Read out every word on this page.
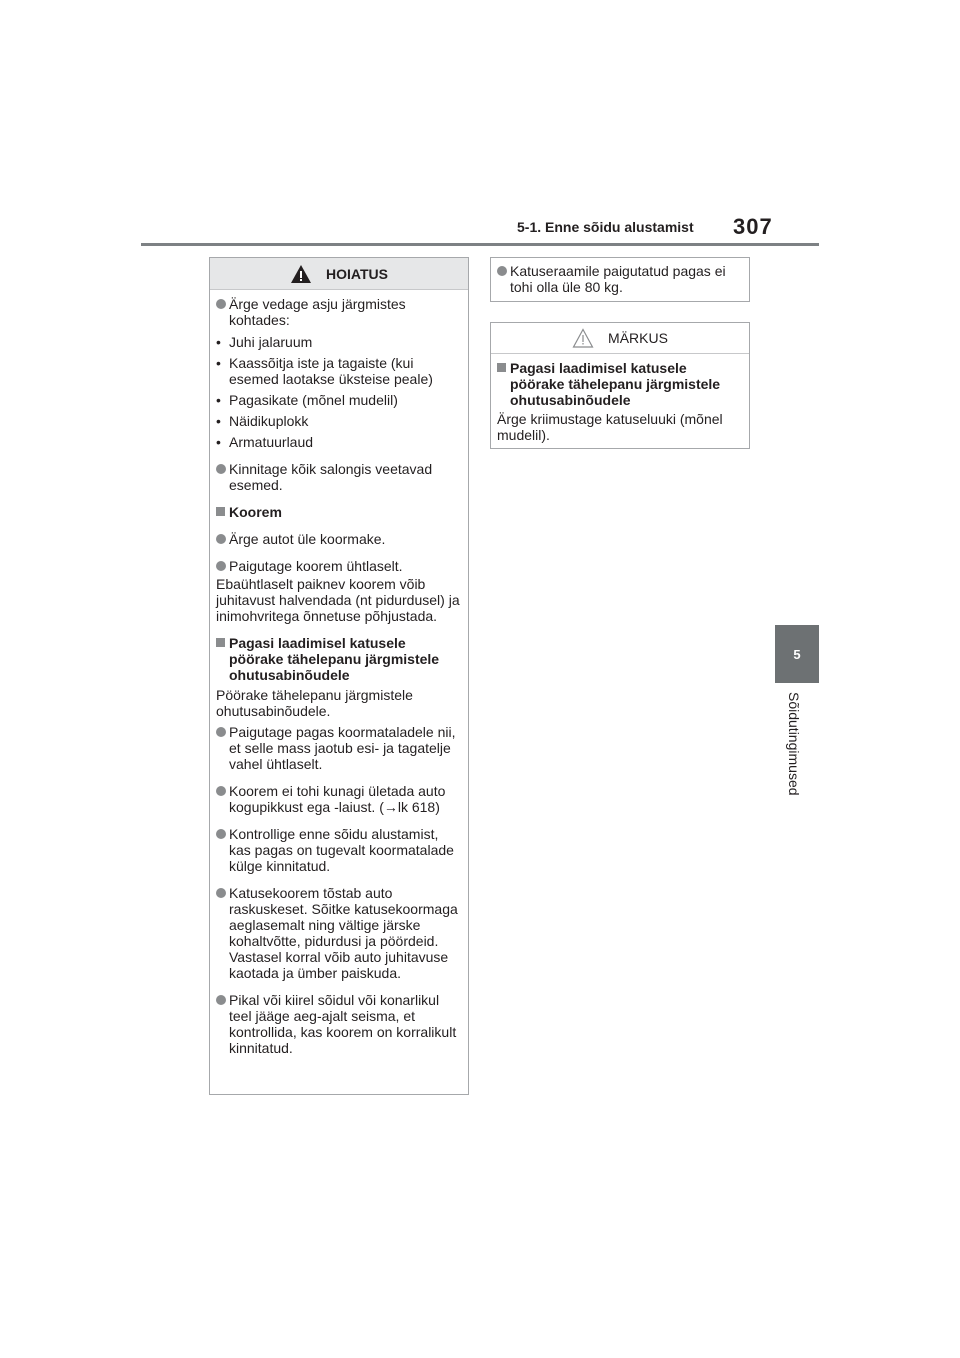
5-1. Enne sõidu alustamist 307
5
Sõidutingimused
HOIATUS
Ärge vedage asju järgmistes kohtades:
• Juhi jalaruum
• Kaassõitja iste ja tagaiste (kui esemed laotakse üksteise peale)
• Pagasikate (mõnel mudelil)
• Näidikuplokk
• Armatuurlaud
Kinnitage kõik salongis veetavad esemed.
Koorem
Ärge autot üle koormake.
Paigutage koorem ühtlaselt.
Ebaühtlaselt paiknev koorem võib juhitavust halvendada (nt pidurdusel) ja inimohvritega õnnetuse põhjustada.
Pagasi laadimisel katusele pöörake tähelepanu järgmistele ohutusabinõudele
Pöörake tähelepanu järgmistele ohutusabinõudele.
Paigutage pagas koormataladele nii, et selle mass jaotub esi- ja tagatelje vahel ühtlaselt.
Koorem ei tohi kunagi ületada auto kogupikkust ega -laiust. (→lk 618)
Kontrollige enne sõidu alustamist, kas pagas on tugevalt koormatalade külge kinnitatud.
Katusekoorem tõstab auto raskuskeset. Sõitke katusekoormaga aeglasemalt ning vältige järske kohaltvõtte, pidurdusi ja pöördeid. Vastasel korral võib auto juhitavuse kaotada ja ümber paiskuda.
Pikal või kiirel sõidul või konarlikul teel jääge aeg-ajalt seisma, et kontrollida, kas koorem on korralikult kinnitatud.
Katuseraamile paigutatud pagas ei tohi olla üle 80 kg.
MÄRKUS
Pagasi laadimisel katusele pöörake tähelepanu järgmistele ohutusabinõudele
Ärge kriimustage katuseluuki (mõnel mudelil).
